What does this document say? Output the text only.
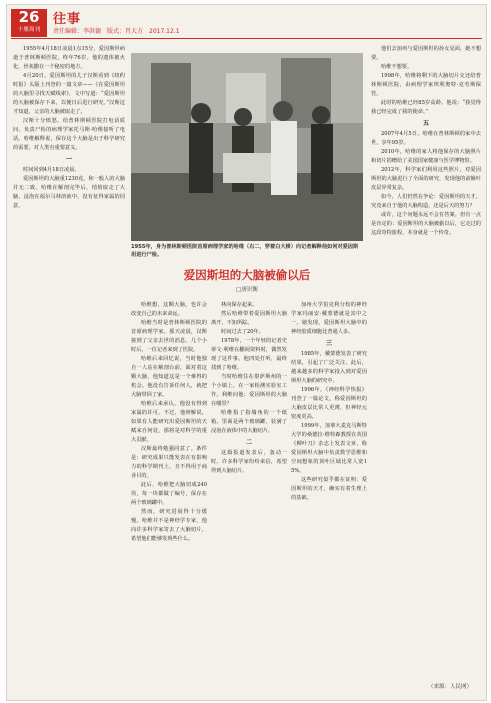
26
十堰周刊
往事
责任编辑：李洪德　版式：肖大方　2017.12.1

1955年4月18日凌晨1点15分，爱因斯坦病逝于普林斯顿医院，终年76岁。他的遗体被火化，骨灰撒在一个秘密的地方。

4月20日，爱因斯坦的儿子汉斯看到《纽约时报》头版上刊登的一篇文章——《在爱因斯坦的大脑里寻找天赋线索》，文中写道：“爱因斯坦的大脑被保存下来，以便日后进行研究。”汉斯这才知道，父亲的大脑被取走了。

汉斯十分愤怒，给普林斯顿医院打电话质问。负责尸检的病理学家托马斯·哈维接听了电话。哈维解释说，保存这个大脑是出于科学研究的需要，对人类有重要意义。

一

时间回到4月18日凌晨。

爱因斯坦的大脑重1230克，和一般人的大脑并无二致。哈维在解剖完毕后，悄悄取走了大脑，浸泡在福尔马林溶液中，没有征得家属的同意。

哈维想，这颗大脑，也许会改变自己的未来命运。

哈维当时是普林斯顿医院的首席病理学家。那天凌晨，汉斯接到了父亲去世的消息。几个小时后，一位记者来到了医院。

哈维后来回忆说，当时他独自一人站在解剖台前，面对着这颗大脑，他知道这是一个难得的机会。他没有告诉任何人，就把大脑带回了家。

哈维后来承认，他没有得到家属的许可。不过，他辩解说，如果有人能研究出爱因斯坦的天赋来自何处，那将是对科学的重大贡献。

汉斯最终勉强同意了。条件是：研究成果只能发表在有影响力的科学期刊上，且不得用于商业目的。

此后，哈维把大脑切成240块，每一块都做了编号，保存在两个玻璃罐中。

然而，研究进展得十分缓慢。哈维并不是神经学专家，他向许多科学家寄去了大脑切片，希望他们能够发现些什么。

林向保存起来。

然后哈维带着爱因斯坦大脑离开，不知所踪。

时间过去了20年。

1978年，一个年轻的记者史蒂文·利维在翻阅资料时，偶然发现了这件事。他四处打听，最终找到了哈维。

当时哈维住在堪萨斯州的一个小镇上，在一家检测实验室工作。利维问他：爱因斯坦的大脑在哪里？

哈维指了指墙角的一个纸箱。里面是两个玻璃罐，装满了浸泡在液体中的大脑切片。

二

这篇报道发表后，轰动一时。许多科学家纷纷来信，希望得到大脑切片。

加州大学伯克利分校的神经学家玛丽安·戴蒙德就是其中之一。她发现，爱因斯坦大脑中的神经胶质细胞比普通人多。

三

1985年，戴蒙德发表了研究结果，引起了广泛关注。此后，越来越多的科学家投入到对爱因斯坦大脑的研究中。

1996年，《神经科学快报》刊登了一篇论文，称爱因斯坦的大脑皮层比常人更薄，但神经元密度更高。

1999年，加拿大麦克马斯特大学的桑德拉·维特森教授在英国《柳叶刀》杂志上发表文章，称爱因斯坦大脑中负责数学思维和空间想象的顶叶区域比常人宽15%。

这些研究似乎都在证明：爱因斯坦的天才，确实有着生理上的基础。

他们去加州与爱因斯坦的孙女见面，她不想要。

哈维不想要。

1998年，哈维将剩下的大脑切片交还给普林斯顿医院，由病理学家埃利奥特·克劳斯保管。

此时的哈维已经85岁高龄。他说：“我觉得我已经完成了我的使命。”

五

2007年4月5日，哈维在普林斯顿的家中去世，享年95岁。

2010年，哈维的家人将他保存的大脑照片和切片捐赠给了美国国家健康与医学博物馆。

2012年，科学家们利用这些照片，对爱因斯坦的大脑进行了全面的研究，发现他的前额叶皮层异常复杂。

如今，人们仍然在争论：爱因斯坦的天才，究竟来自于他的大脑构造，还是后天的努力？

或许，这个问题永远不会有答案。但有一点是肯定的：爱因斯坦的大脑被偷以后，它走过的这段奇特旅程，本身就是一个传奇。

1955年，身为普林斯顿医院首席病理学家的哈维（右二，穿着白大褂）向记者解释他如何对爱因斯坦进行尸检。
爱因斯坦的大脑被偷以后
□唐识衡
（来源：人民网）
